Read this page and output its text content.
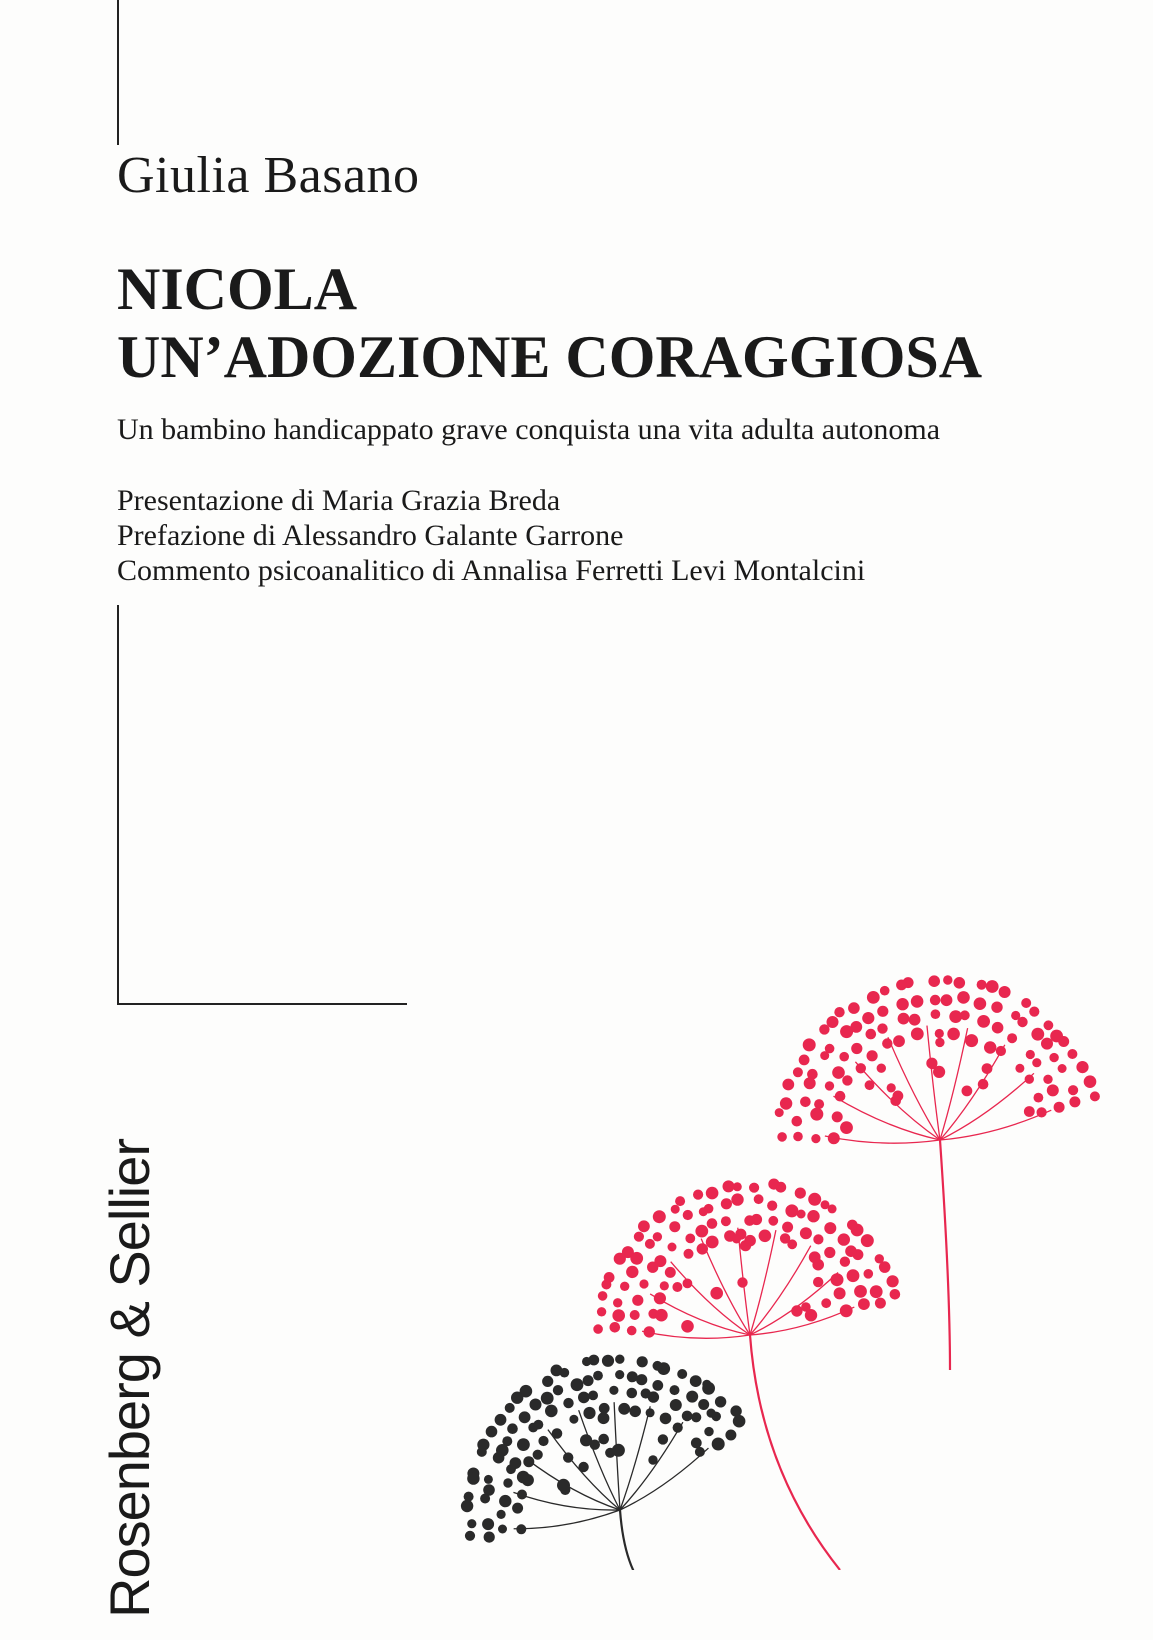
Giulia Basano
NICOLA
UN’ADOZIONE CORAGGIOSA
Un bambino handicappato grave conquista una vita adulta autonoma
Presentazione di Maria Grazia Breda
Prefazione di Alessandro Galante Garrone
Commento psicoanalitico di Annalisa Ferretti Levi Montalcini
Rosenberg & Sellier
